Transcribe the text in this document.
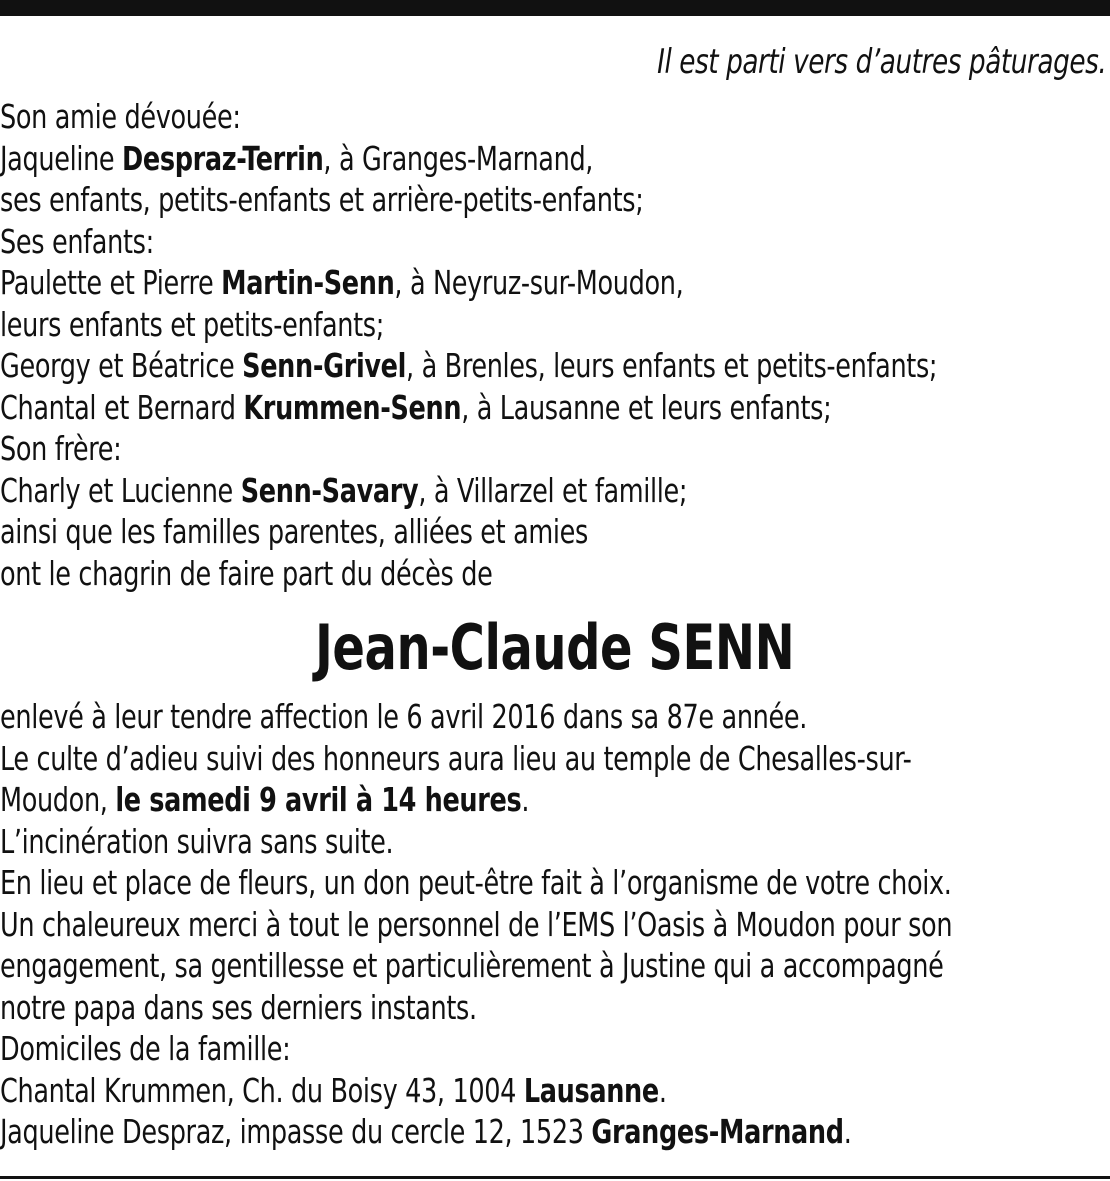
Il est parti vers d’autres pâturages.
Son amie dévouée:
Jaqueline Despraz-Terrin, à Granges-Marnand,
ses enfants, petits-enfants et arrière-petits-enfants;
Ses enfants:
Paulette et Pierre Martin-Senn, à Neyruz-sur-Moudon,
leurs enfants et petits-enfants;
Georgy et Béatrice Senn-Grivel, à Brenles, leurs enfants et petits-enfants;
Chantal et Bernard Krummen-Senn, à Lausanne et leurs enfants;
Son frère:
Charly et Lucienne Senn-Savary, à Villarzel et famille;
ainsi que les familles parentes, alliées et amies
ont le chagrin de faire part du décès de
Jean-Claude SENN
enlevé à leur tendre affection le 6 avril 2016 dans sa 87e année.
Le culte d’adieu suivi des honneurs aura lieu au temple de Chesalles-sur-
Moudon, le samedi 9 avril à 14 heures.
L’incinération suivra sans suite.
En lieu et place de fleurs, un don peut-être fait à l’organisme de votre choix.
Un chaleureux merci à tout le personnel de l’EMS l’Oasis à Moudon pour son
engagement, sa gentillesse et particulièrement à Justine qui a accompagné
notre papa dans ses derniers instants.
Domiciles de la famille:
Chantal Krummen, Ch. du Boisy 43, 1004 Lausanne.
Jaqueline Despraz, impasse du cercle 12, 1523 Granges-Marnand.
